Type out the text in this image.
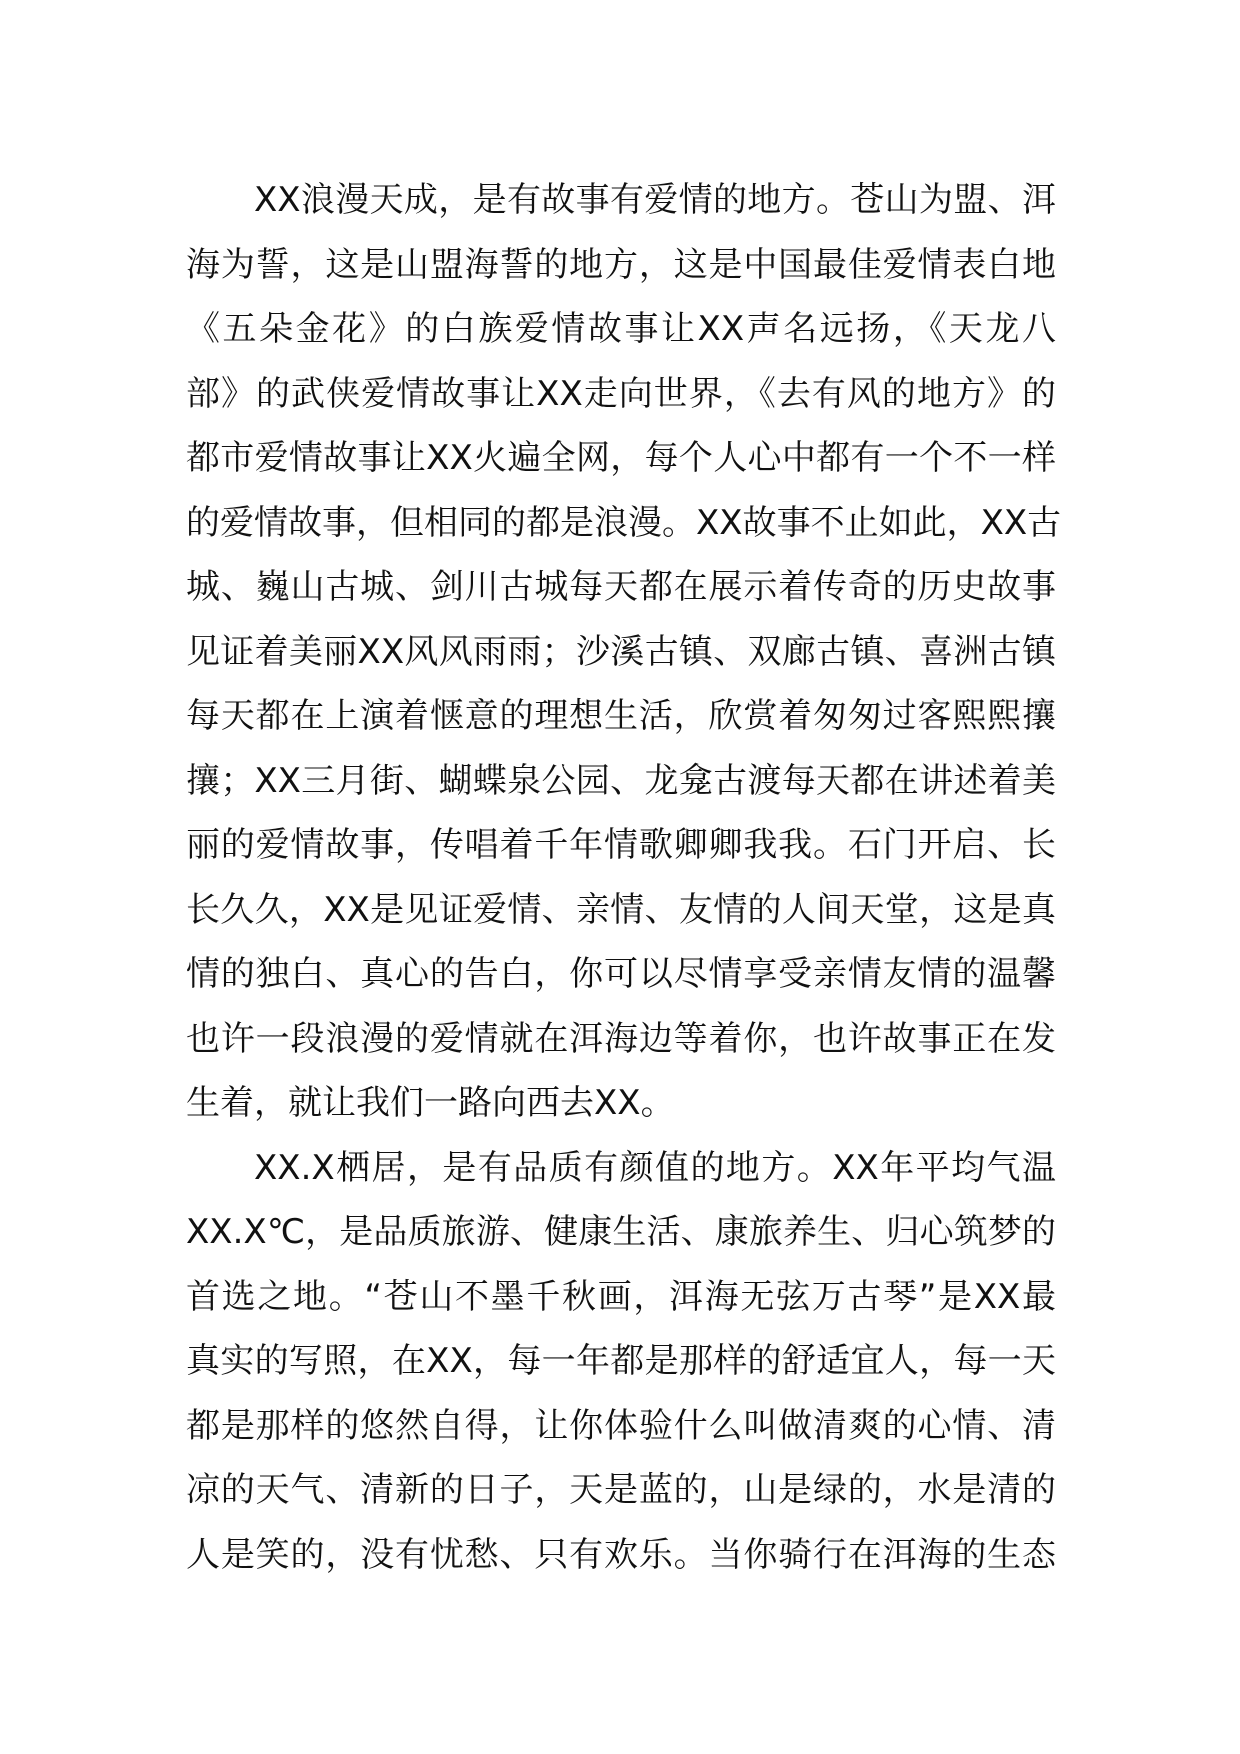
XX浪漫天成，是有故事有爱情的地方。苍山为盟、洱
海为誓，这是山盟海誓的地方，这是中国最佳爱情表白地
《五朵金花》的白族爱情故事让XX声名远扬，《天龙八
部》的武侠爱情故事让XX走向世界，《去有风的地方》的
都市爱情故事让XX火遍全网，每个人心中都有一个不一样
的爱情故事，但相同的都是浪漫。XX故事不止如此，XX古
城、巍山古城、剑川古城每天都在展示着传奇的历史故事
见证着美丽XX风风雨雨；沙溪古镇、双廊古镇、喜洲古镇
每天都在上演着惬意的理想生活，欣赏着匆匆过客熙熙攘
攘；XX三月街、蝴蝶泉公园、龙龛古渡每天都在讲述着美
丽的爱情故事，传唱着千年情歌卿卿我我。石门开启、长
长久久，XX是见证爱情、亲情、友情的人间天堂，这是真
情的独白、真心的告白，你可以尽情享受亲情友情的温馨
也许一段浪漫的爱情就在洱海边等着你，也许故事正在发
生着，就让我们一路向西去XX。
XX.X栖居，是有品质有颜值的地方。XX年平均气温
XX.X℃，是品质旅游、健康生活、康旅养生、归心筑梦的
首选之地。“苍山不墨千秋画，洱海无弦万古琴”是XX最
真实的写照，在XX，每一年都是那样的舒适宜人，每一天
都是那样的悠然自得，让你体验什么叫做清爽的心情、清
凉的天气、清新的日子，天是蓝的，山是绿的，水是清的
人是笑的，没有忧愁、只有欢乐。当你骑行在洱海的生态
